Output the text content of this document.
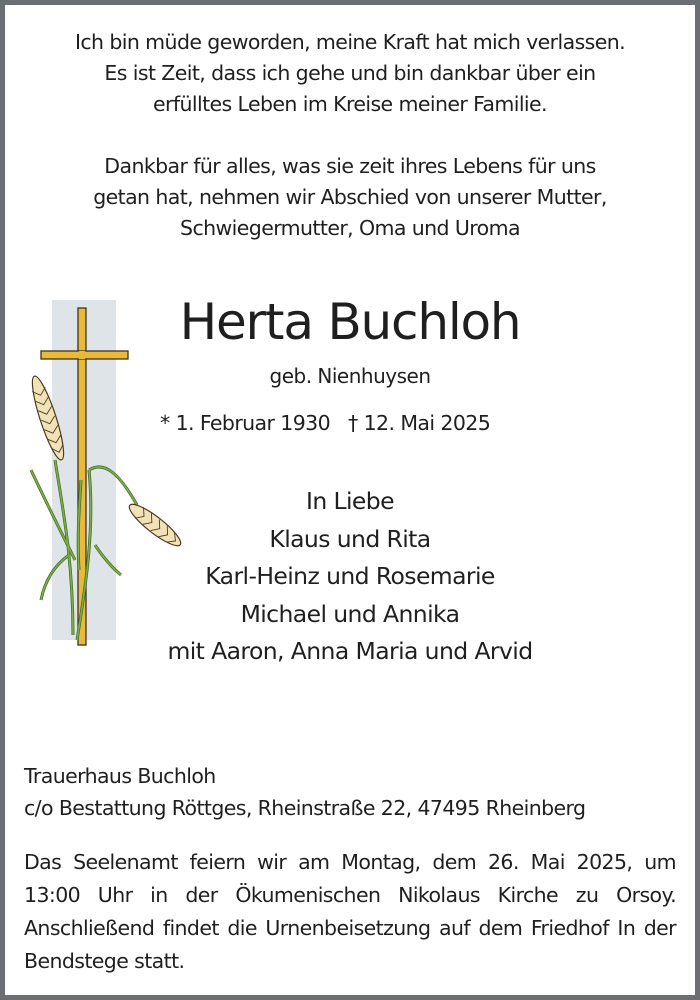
Ich bin müde geworden, meine Kraft hat mich verlassen.
Es ist Zeit, dass ich gehe und bin dankbar über ein
erfülltes Leben im Kreise meiner Familie.
Dankbar für alles, was sie zeit ihres Lebens für uns
getan hat, nehmen wir Abschied von unserer Mutter,
Schwiegermutter, Oma und Uroma
Herta Buchloh
geb. Nienhuysen
* 1. Februar 1930 † 12. Mai 2025
In Liebe
Klaus und Rita
Karl-Heinz und Rosemarie
Michael und Annika
mit Aaron, Anna Maria und Arvid
Trauerhaus Buchloh
c/o Bestattung Röttges, Rheinstraße 22, 47495 Rheinberg
Das Seelenamt feiern wir am Montag, dem 26. Mai 2025, um 13:00 Uhr in der Ökumenischen Nikolaus Kirche zu Orsoy. Anschließend findet die Urnenbeisetzung auf dem Friedhof In der Bendstege statt.
